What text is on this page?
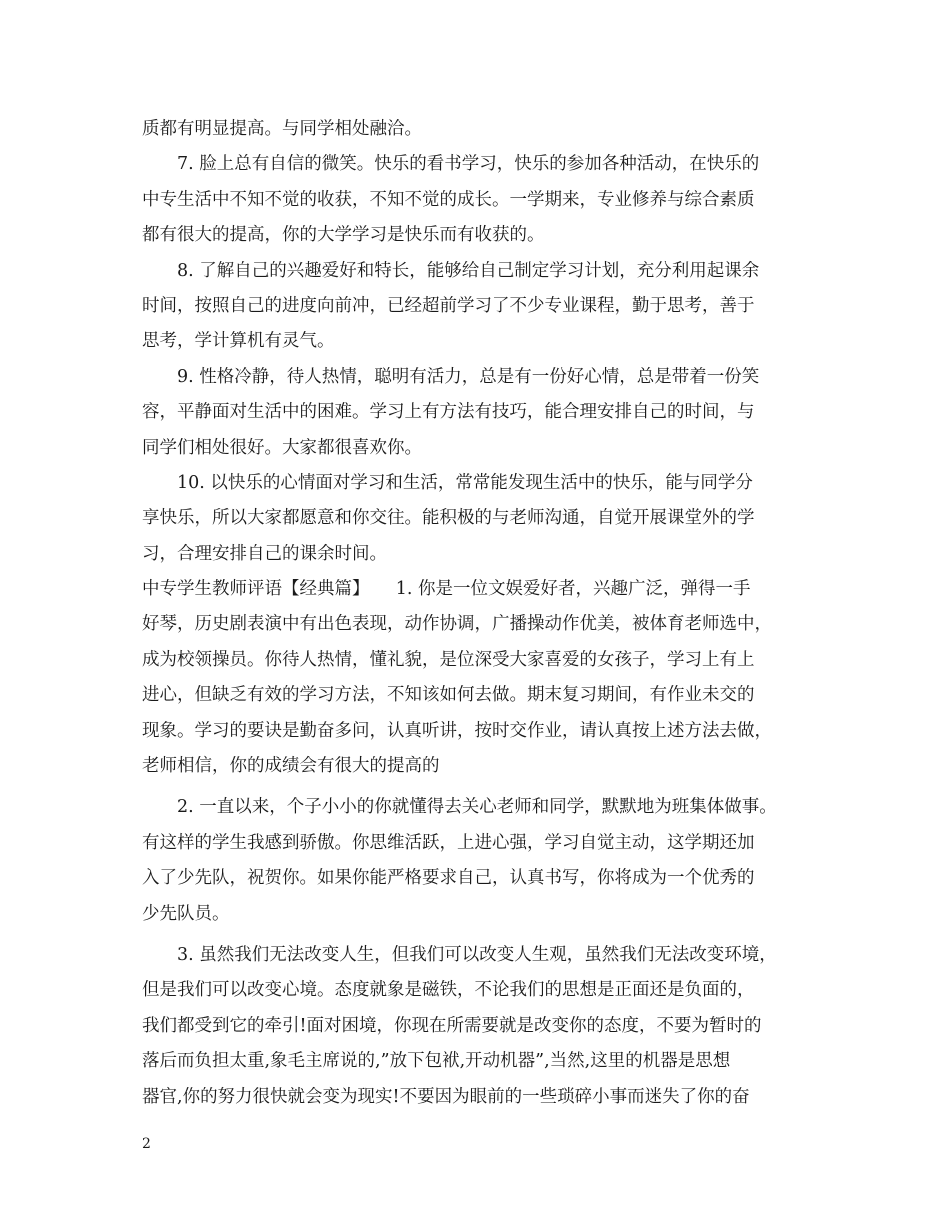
质都有明显提高。与同学相处融洽。
　　7. 脸上总有自信的微笑。快乐的看书学习，快乐的参加各种活动，在快乐的
中专生活中不知不觉的收获，不知不觉的成长。一学期来，专业修养与综合素质
都有很大的提高，你的大学学习是快乐而有收获的。
　　8. 了解自己的兴趣爱好和特长，能够给自己制定学习计划，充分利用起课余
时间，按照自己的进度向前冲，已经超前学习了不少专业课程，勤于思考，善于
思考，学计算机有灵气。
　　9. 性格冷静，待人热情，聪明有活力，总是有一份好心情，总是带着一份笑
容，平静面对生活中的困难。学习上有方法有技巧，能合理安排自己的时间，与
同学们相处很好。大家都很喜欢你。
　　10. 以快乐的心情面对学习和生活，常常能发现生活中的快乐，能与同学分
享快乐，所以大家都愿意和你交往。能积极的与老师沟通，自觉开展课堂外的学
习，合理安排自己的课余时间。
中专学生教师评语【经典篇】　　1. 你是一位文娱爱好者，兴趣广泛，弹得一手
好琴，历史剧表演中有出色表现，动作协调，广播操动作优美，被体育老师选中，
成为校领操员。你待人热情，懂礼貌，是位深受大家喜爱的女孩子，学习上有上
进心，但缺乏有效的学习方法，不知该如何去做。期末复习期间，有作业未交的
现象。学习的要诀是勤奋多问，认真听讲，按时交作业，请认真按上述方法去做，
老师相信，你的成绩会有很大的提高的
　　2. 一直以来，个子小小的你就懂得去关心老师和同学，默默地为班集体做事。
有这样的学生我感到骄傲。你思维活跃，上进心强，学习自觉主动，这学期还加
入了少先队，祝贺你。如果你能严格要求自己，认真书写，你将成为一个优秀的
少先队员。
　　3. 虽然我们无法改变人生，但我们可以改变人生观，虽然我们无法改变环境，
但是我们可以改变心境。态度就象是磁铁，不论我们的思想是正面还是负面的，
我们都受到它的牵引!面对困境，你现在所需要就是改变你的态度，不要为暂时的
落后而负担太重,象毛主席说的,”放下包袱,开动机器”,当然,这里的机器是思想
器官,你的努力很快就会变为现实!不要因为眼前的一些琐碎小事而迷失了你的奋
2
